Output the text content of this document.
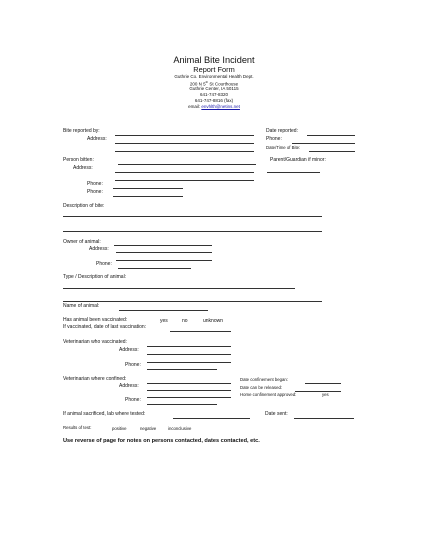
Animal Bite Incident
Report Form
Guthrie Co. Environmental Health Dept.
200 N 5th St Courthouse
Guthrie Center, IA 50115
641-747-8320
641-747-8816 (fax)
email: envhlth@netins.net
Bite reported by:
Address:
Date reported:
Phone:
Date/Time of Bite:
Person bitten:	Parent/Guardian if minor:
Address:
Phone:
Phone:
Description of bite:
Owner of animal:
Address:
Phone:
Type / Description of animal:
Name of animal:
Has animal been vaccinated:	yes	no	unknown
If vaccinated, date of last vaccination:
Veterinarian who vaccinated:
Address:
Phone:
Veterinarian where confined:
Address:
Phone:
Date confinement began:
Date can be released:
Home confinement approved:	yes
If animal sacrificed, lab where tested:	Date sent:
Results of test:	positive	negative	inconclusive
Use reverse of page for notes on persons contacted, dates contacted, etc.
